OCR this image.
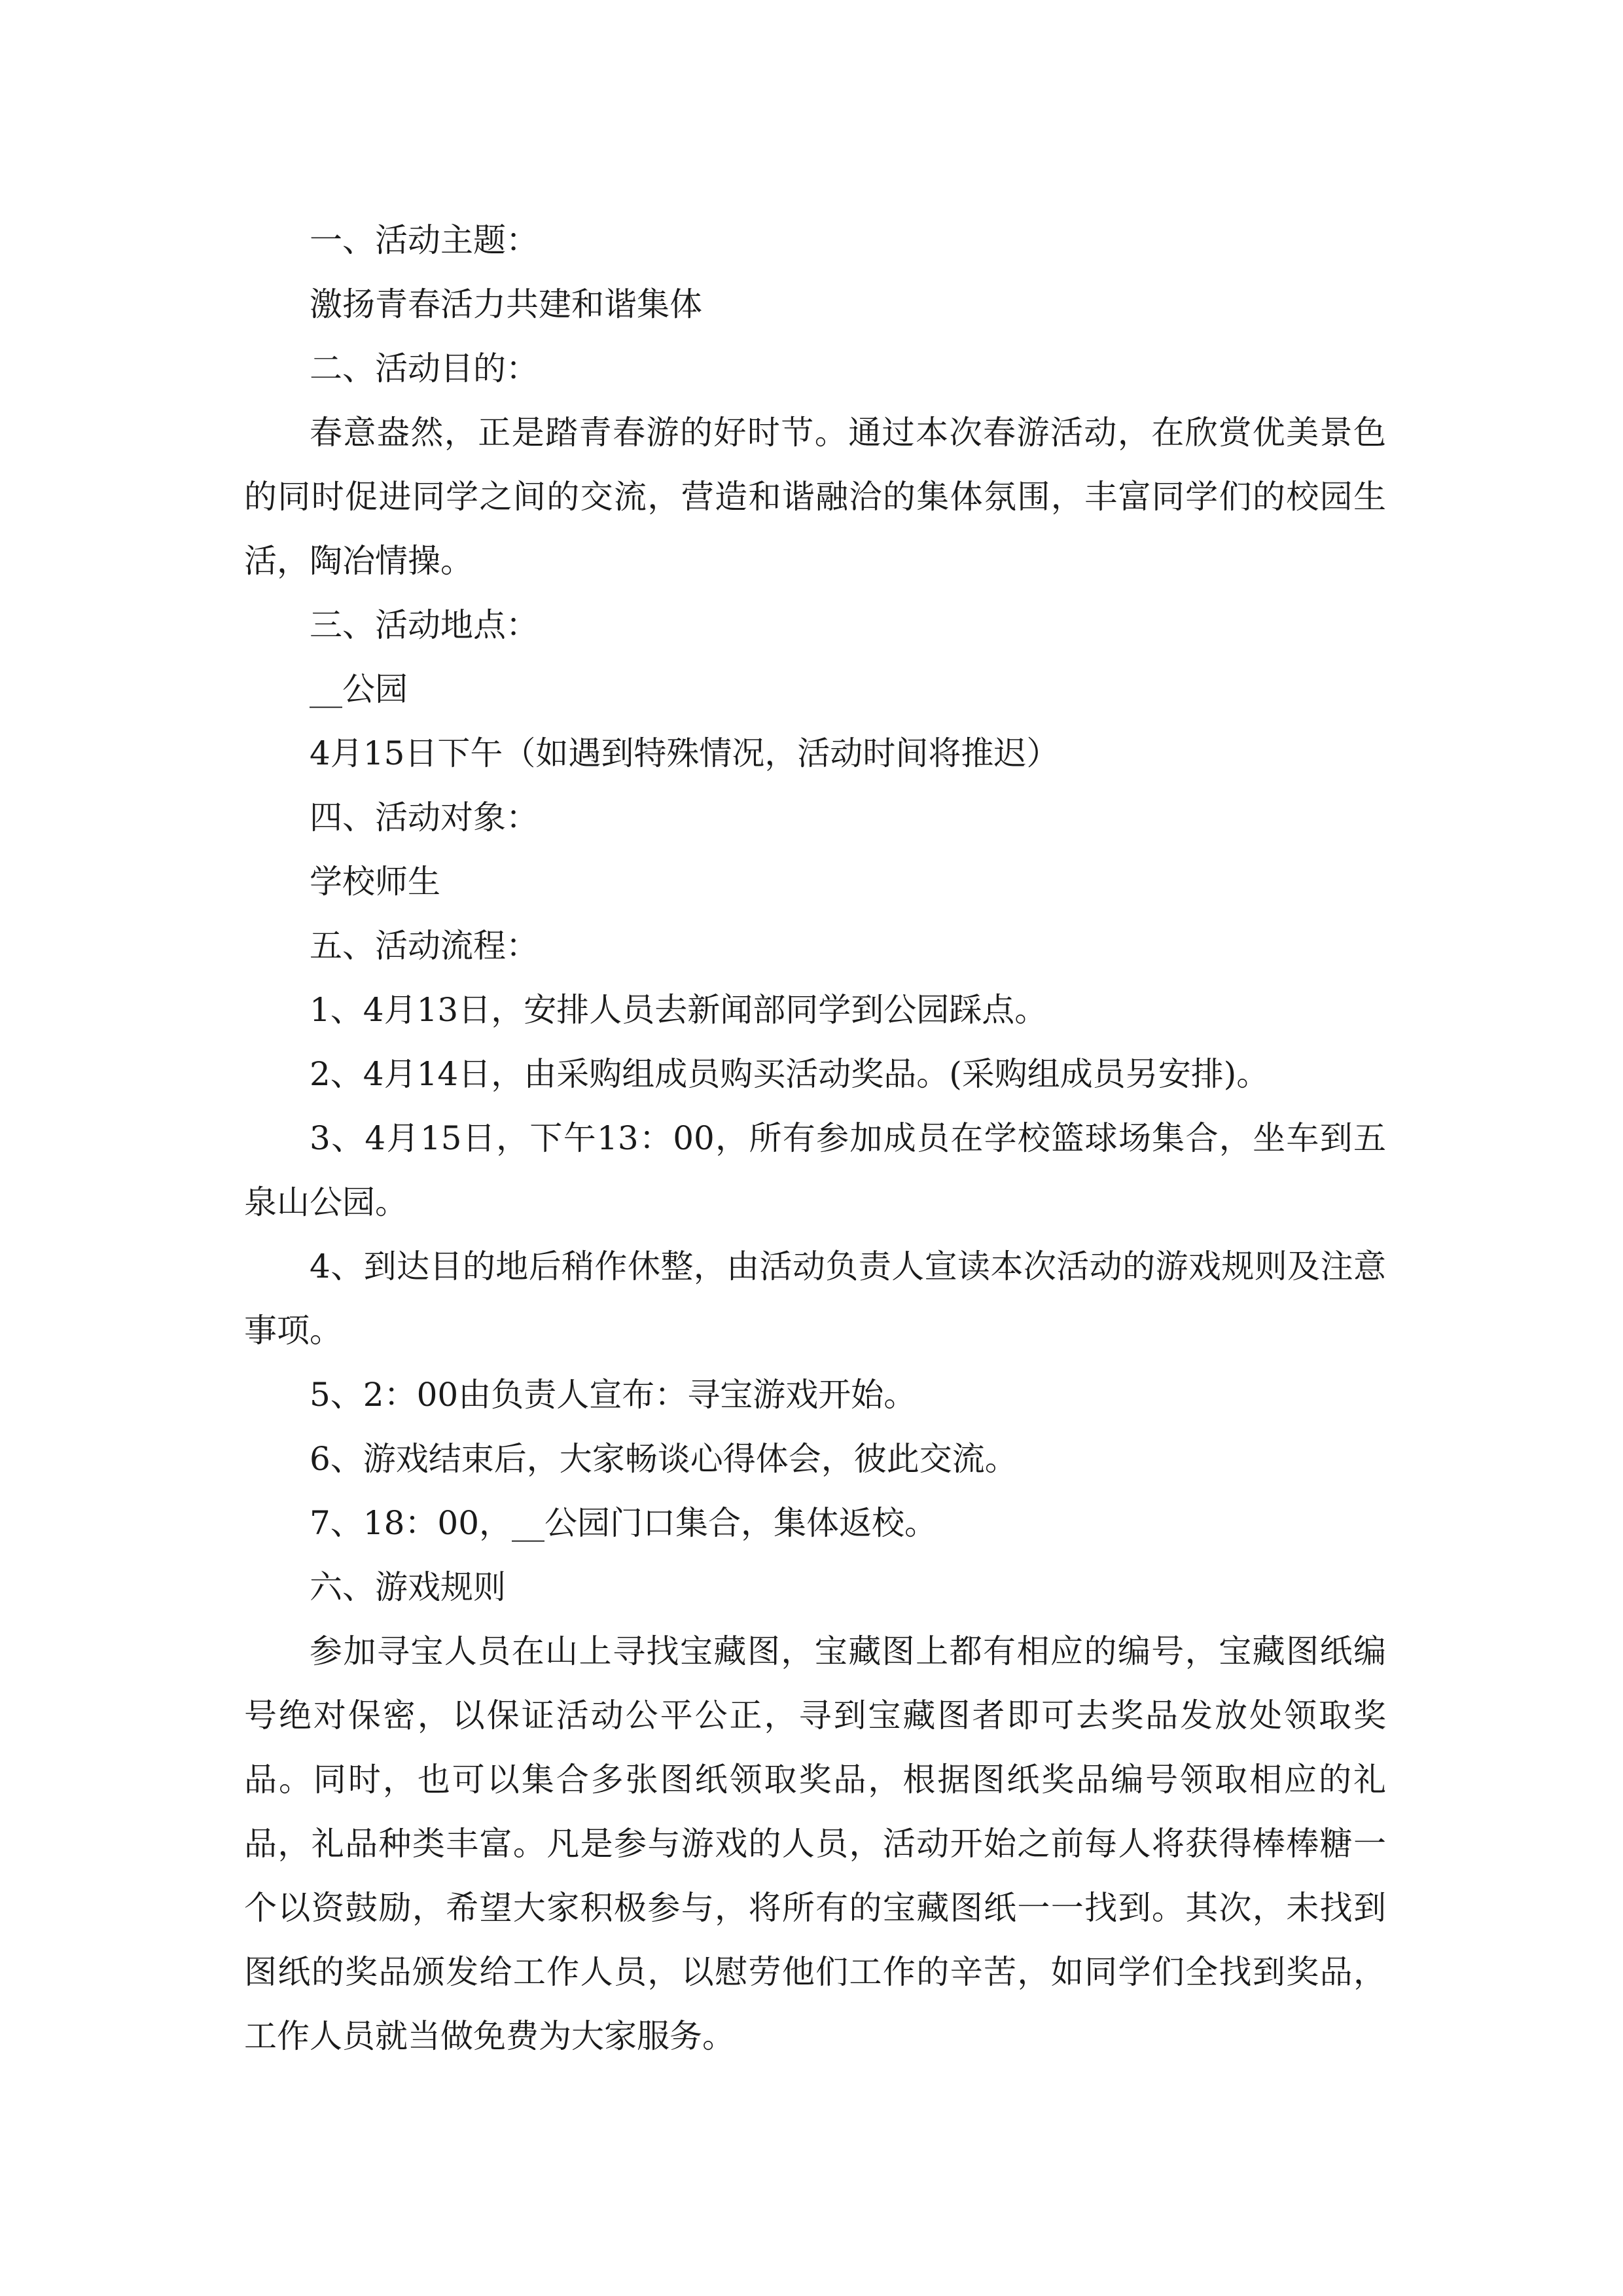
一、活动主题：

激扬青春活力共建和谐集体

二、活动目的：

春意盎然，正是踏青春游的好时节。通过本次春游活动，在欣赏优美景色的同时促进同学之间的交流，营造和谐融洽的集体氛围，丰富同学们的校园生活，陶冶情操。

三、活动地点：

__公园

4月15日下午（如遇到特殊情况，活动时间将推迟）

四、活动对象：

学校师生

五、活动流程：

1、4月13日，安排人员去新闻部同学到公园踩点。

2、4月14日，由采购组成员购买活动奖品。(采购组成员另安排)。

3、4月15日，下午13：00，所有参加成员在学校篮球场集合，坐车到五泉山公园。

4、到达目的地后稍作休整，由活动负责人宣读本次活动的游戏规则及注意事项。

5、2：00由负责人宣布：寻宝游戏开始。

6、游戏结束后，大家畅谈心得体会，彼此交流。

7、18：00，__公园门口集合，集体返校。

六、游戏规则

参加寻宝人员在山上寻找宝藏图，宝藏图上都有相应的编号，宝藏图纸编号绝对保密，以保证活动公平公正，寻到宝藏图者即可去奖品发放处领取奖品。同时，也可以集合多张图纸领取奖品，根据图纸奖品编号领取相应的礼品，礼品种类丰富。凡是参与游戏的人员，活动开始之前每人将获得棒棒糖一个以资鼓励，希望大家积极参与，将所有的宝藏图纸一一找到。其次，未找到图纸的奖品颁发给工作人员，以慰劳他们工作的辛苦，如同学们全找到奖品，工作人员就当做免费为大家服务。
